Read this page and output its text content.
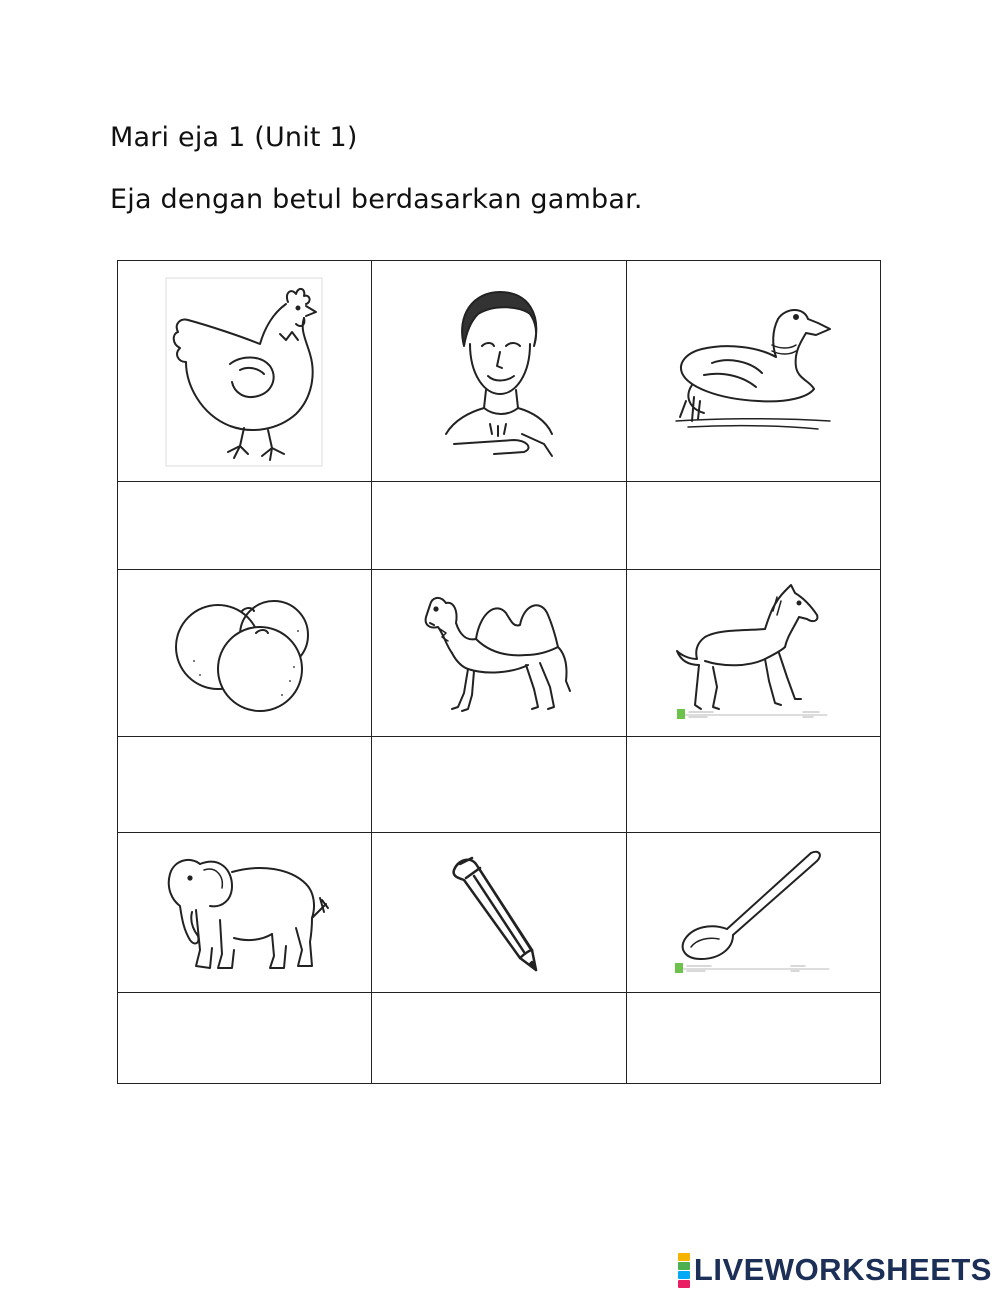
Mari eja 1 (Unit 1)
Eja dengan betul berdasarkan gambar.

LIVEWORKSHEETS
